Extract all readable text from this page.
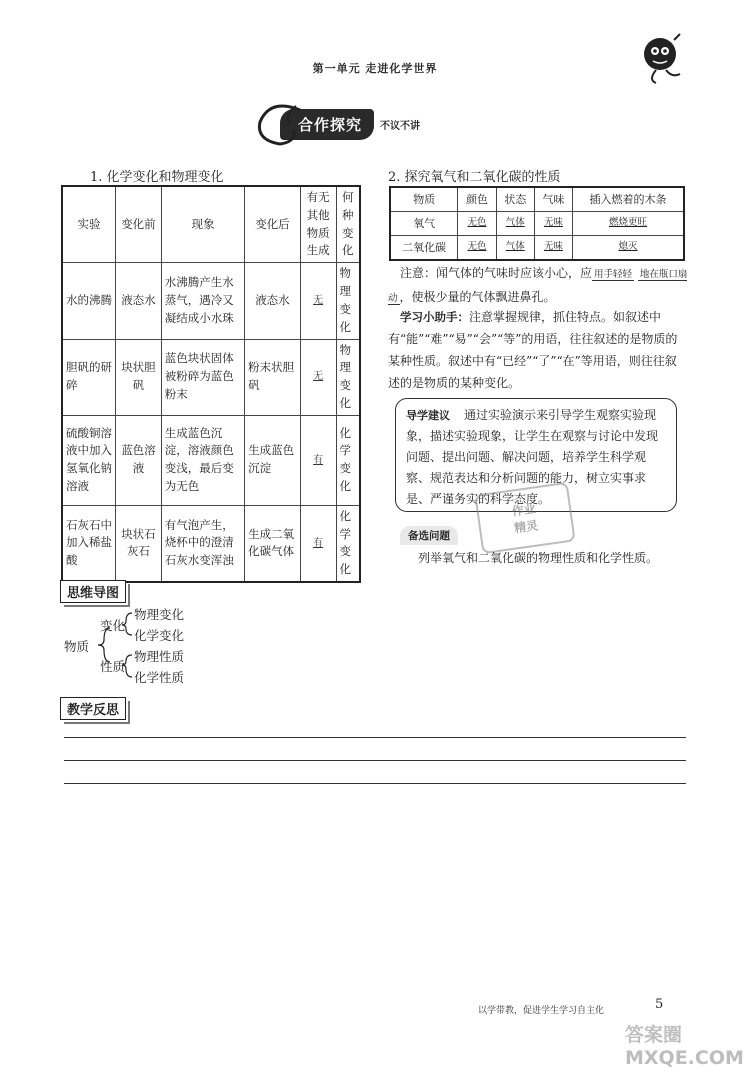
第一单元 走进化学世界
合作探究	不议不讲
1. 化学变化和物理变化
实验	变化前	现象	变化后	有无其他物质生成	何种变化
水的沸腾	液态水	水沸腾产生水蒸气，遇冷又凝结成小水珠	液态水	无	物理变化
胆矾的研碎	块状胆矾	蓝色块状固体被粉碎为蓝色粉末	粉末状胆矾	无	物理变化
硫酸铜溶液中加入氢氧化钠溶液	蓝色溶液	生成蓝色沉淀，溶液颜色变浅，最后变为无色	生成蓝色沉淀	有	化学变化
石灰石中加入稀盐酸	块状石灰石	有气泡产生，烧杯中的澄清石灰水变浑浊	生成二氧化碳气体	有	化学变化
2. 探究氧气和二氧化碳的性质
物质	颜色	状态	气味	插入燃着的木条
氧气	无色	气体	无味	燃烧更旺
二氧化碳	无色	气体	无味	熄灭
注意：闻气体的气味时应该小心，应 用手轻轻 地在瓶口扇动 ，使极少量的气体飘进鼻孔。
学习小助手：注意掌握规律，抓住特点。如叙述中有“能”“难”“易”“会”“等”的用语，往往叙述的是物质的某种性质。叙述中有“已经”“了”“在”等用语，则往往叙述的是物质的某种变化。
导学建议 通过实验演示来引导学生观察实验现象，描述实验现象，让学生在观察与讨论中发现问题、提出问题、解决问题，培养学生科学观察、规范表达和分析问题的能力，树立实事求是、严谨务实的科学态度。
作业
精灵
备选问题
列举氧气和二氧化碳的物理性质和化学性质。
思维导图
物质
变化
物理变化
化学变化
性质
物理性质
化学性质
教学反思
以学带教，促进学生学习自主化	5
答案圈 MXQE.COM
